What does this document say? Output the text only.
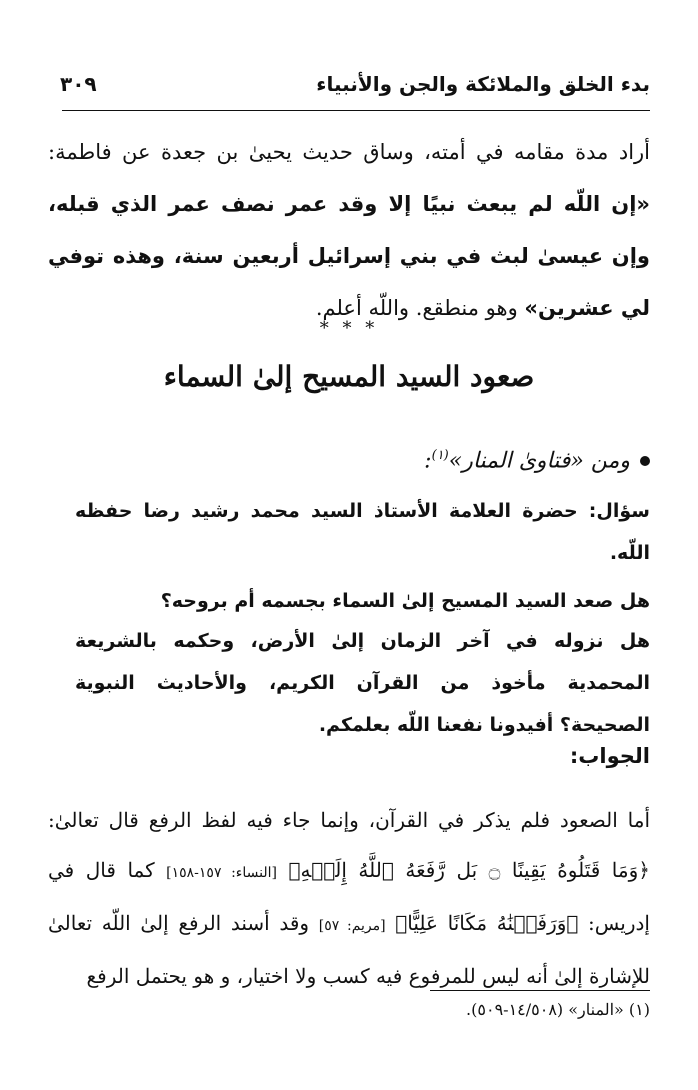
بدء الخلق والملائكة والجن والأنبياء
٣٠٩
أراد مدة مقامه في أمته، وساق حديث يحيىٰ بن جعدة عن فاطمة: «إن اللّه لم يبعث نبيًا إلا وقد عمر نصف عمر الذي قبله، وإن عيسىٰ لبث في بني إسرائيل أربعين سنة، وهذه توفي لي عشرين» وهو منطقع. واللّه أعلم.
* * *
صعود السيد المسيح إلىٰ السماء
ومن «فتاوىٰ المنار»$^{(١)}$:
سؤال: حضرة العلامة الأستاذ السيد محمد رشيد رضا حفظه اللّه.
هل صعد السيد المسيح إلىٰ السماء بجسمه أم بروحه؟
هل نزوله في آخر الزمان إلىٰ الأرض، وحكمه بالشريعة المحمدية مأخوذ من القرآن الكريم، والأحاديث النبوية الصحيحة؟ أفيدونا نفعنا اللّه بعلمكم.
الجواب:
أما الصعود فلم يذكر في القرآن، وإنما جاء فيه لفظ الرفع قال تعالىٰ: ﴿وَمَا قَتَلُوهُ يَقِينًا ۝ بَل رَّفَعَهُ ٱللَّهُ إِلَيۡهِ﴾ [النساء: ١٥٧-١٥٨] كما قال في إدريس: ﴿وَرَفَعۡنَٰهُ مَكَانًا عَلِيًّا﴾ [مريم: ٥٧] وقد أسند الرفع إلىٰ اللّه تعالىٰ للإشارة إلىٰ أنه ليس للمرفوع فيه كسب ولا اختيار، و هو يحتمل الرفع
(١) «المنار» (١٤/٥٠٨-٥٠٩).
